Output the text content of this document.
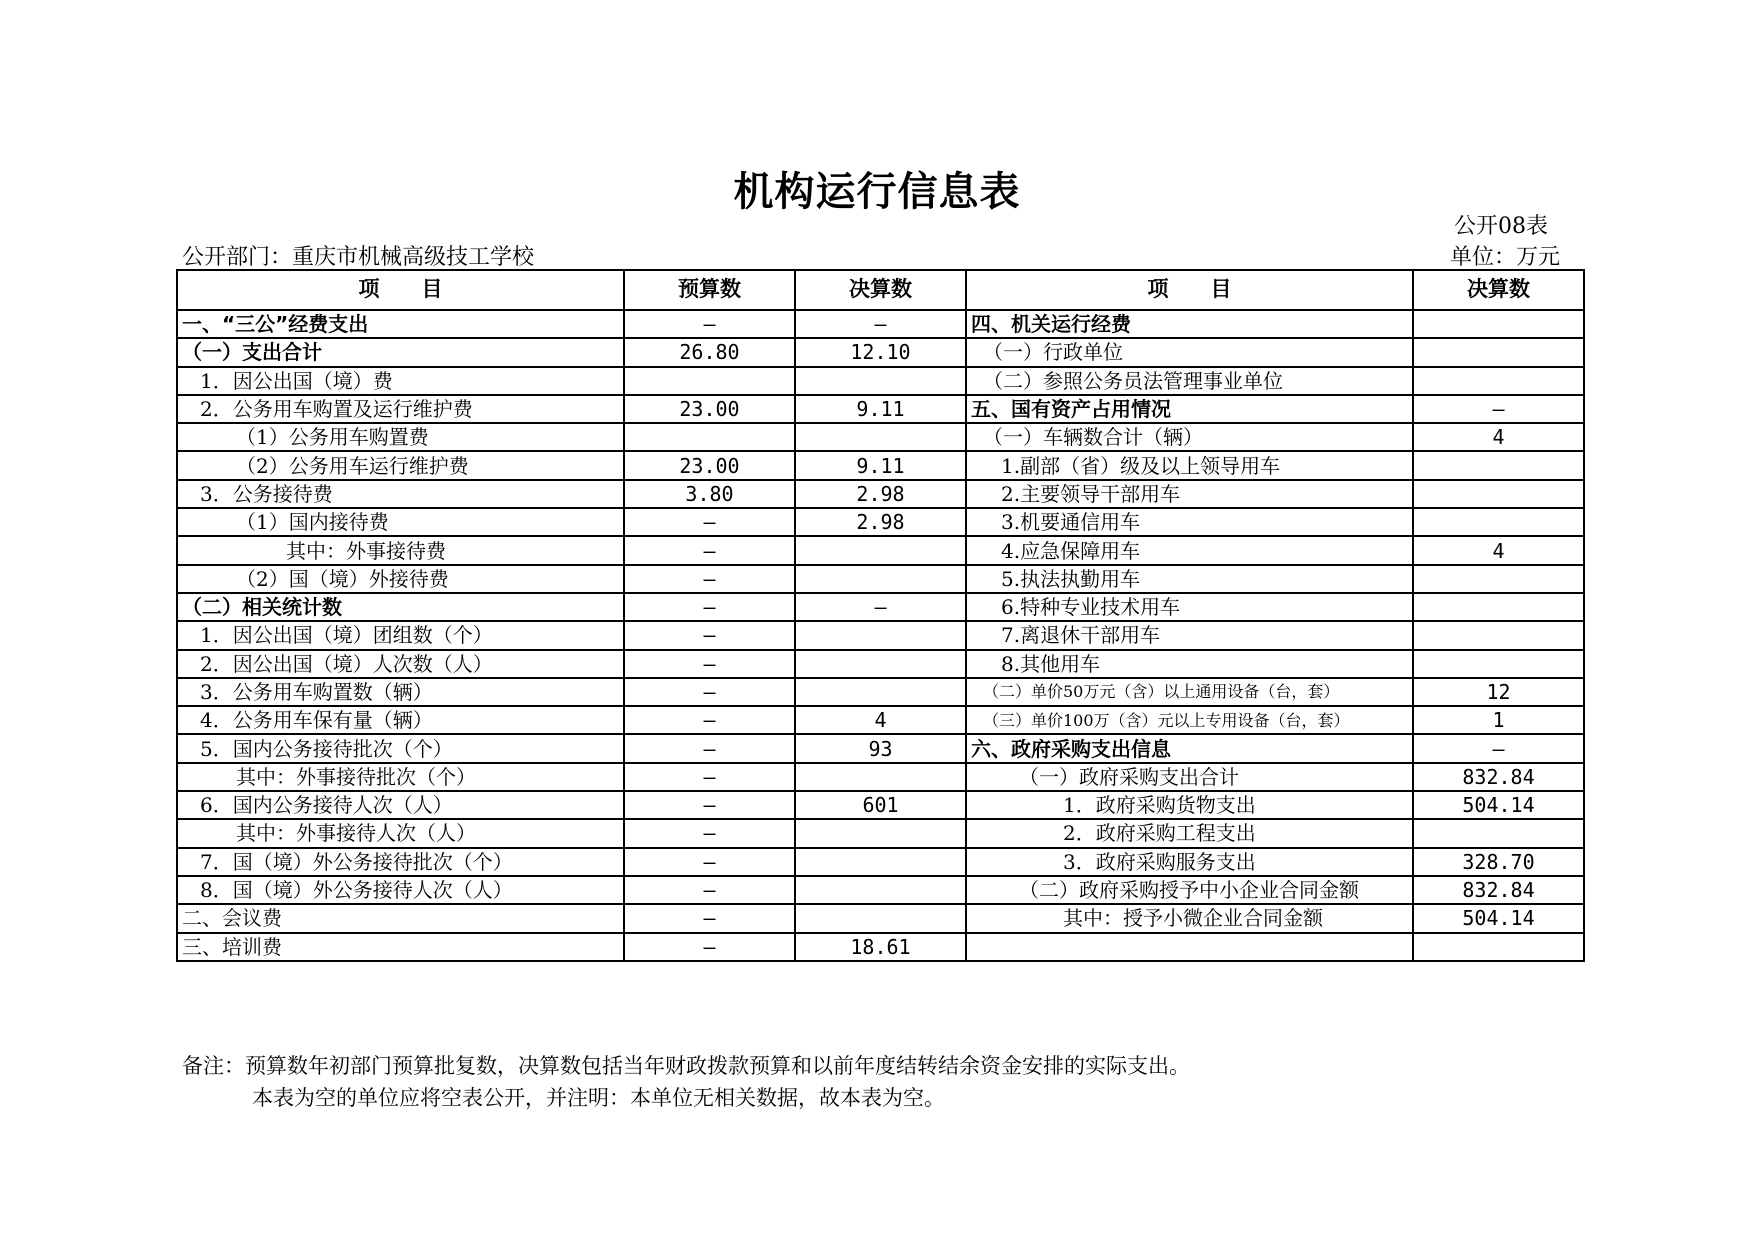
机构运行信息表
公开08表
公开部门：重庆市机械高级技工学校	单位：万元
项　　目	预算数	决算数	项　　目	决算数
一、“三公”经费支出	—	—	四、机关运行经费	
（一）支出合计	26.80	12.10	（一）行政单位	
1．因公出国（境）费			（二）参照公务员法管理事业单位	
2．公务用车购置及运行维护费	23.00	9.11	五、国有资产占用情况	—
（1）公务用车购置费			（一）车辆数合计（辆）	4
（2）公务用车运行维护费	23.00	9.11	1.副部（省）级及以上领导用车	
3．公务接待费	3.80	2.98	2.主要领导干部用车	
（1）国内接待费	—	2.98	3.机要通信用车	
其中：外事接待费	—		4.应急保障用车	4
（2）国（境）外接待费	—		5.执法执勤用车	
（二）相关统计数	—	—	6.特种专业技术用车	
1．因公出国（境）团组数（个）	—		7.离退休干部用车	
2．因公出国（境）人次数（人）	—		8.其他用车	
3．公务用车购置数（辆）	—		（二）单价50万元（含）以上通用设备（台，套）	12
4．公务用车保有量（辆）	—	4	（三）单价100万（含）元以上专用设备（台，套）	1
5．国内公务接待批次（个）	—	93	六、政府采购支出信息	—
其中：外事接待批次（个）	—		（一）政府采购支出合计	832.84
6．国内公务接待人次（人）	—	601	1．政府采购货物支出	504.14
其中：外事接待人次（人）	—		2．政府采购工程支出	
7．国（境）外公务接待批次（个）	—		3．政府采购服务支出	328.70
8．国（境）外公务接待人次（人）	—		（二）政府采购授予中小企业合同金额	832.84
二、会议费	—		其中：授予小微企业合同金额	504.14
三、培训费	—	18.61		
备注：预算数年初部门预算批复数，决算数包括当年财政拨款预算和以前年度结转结余资金安排的实际支出。
本表为空的单位应将空表公开，并注明：本单位无相关数据，故本表为空。
